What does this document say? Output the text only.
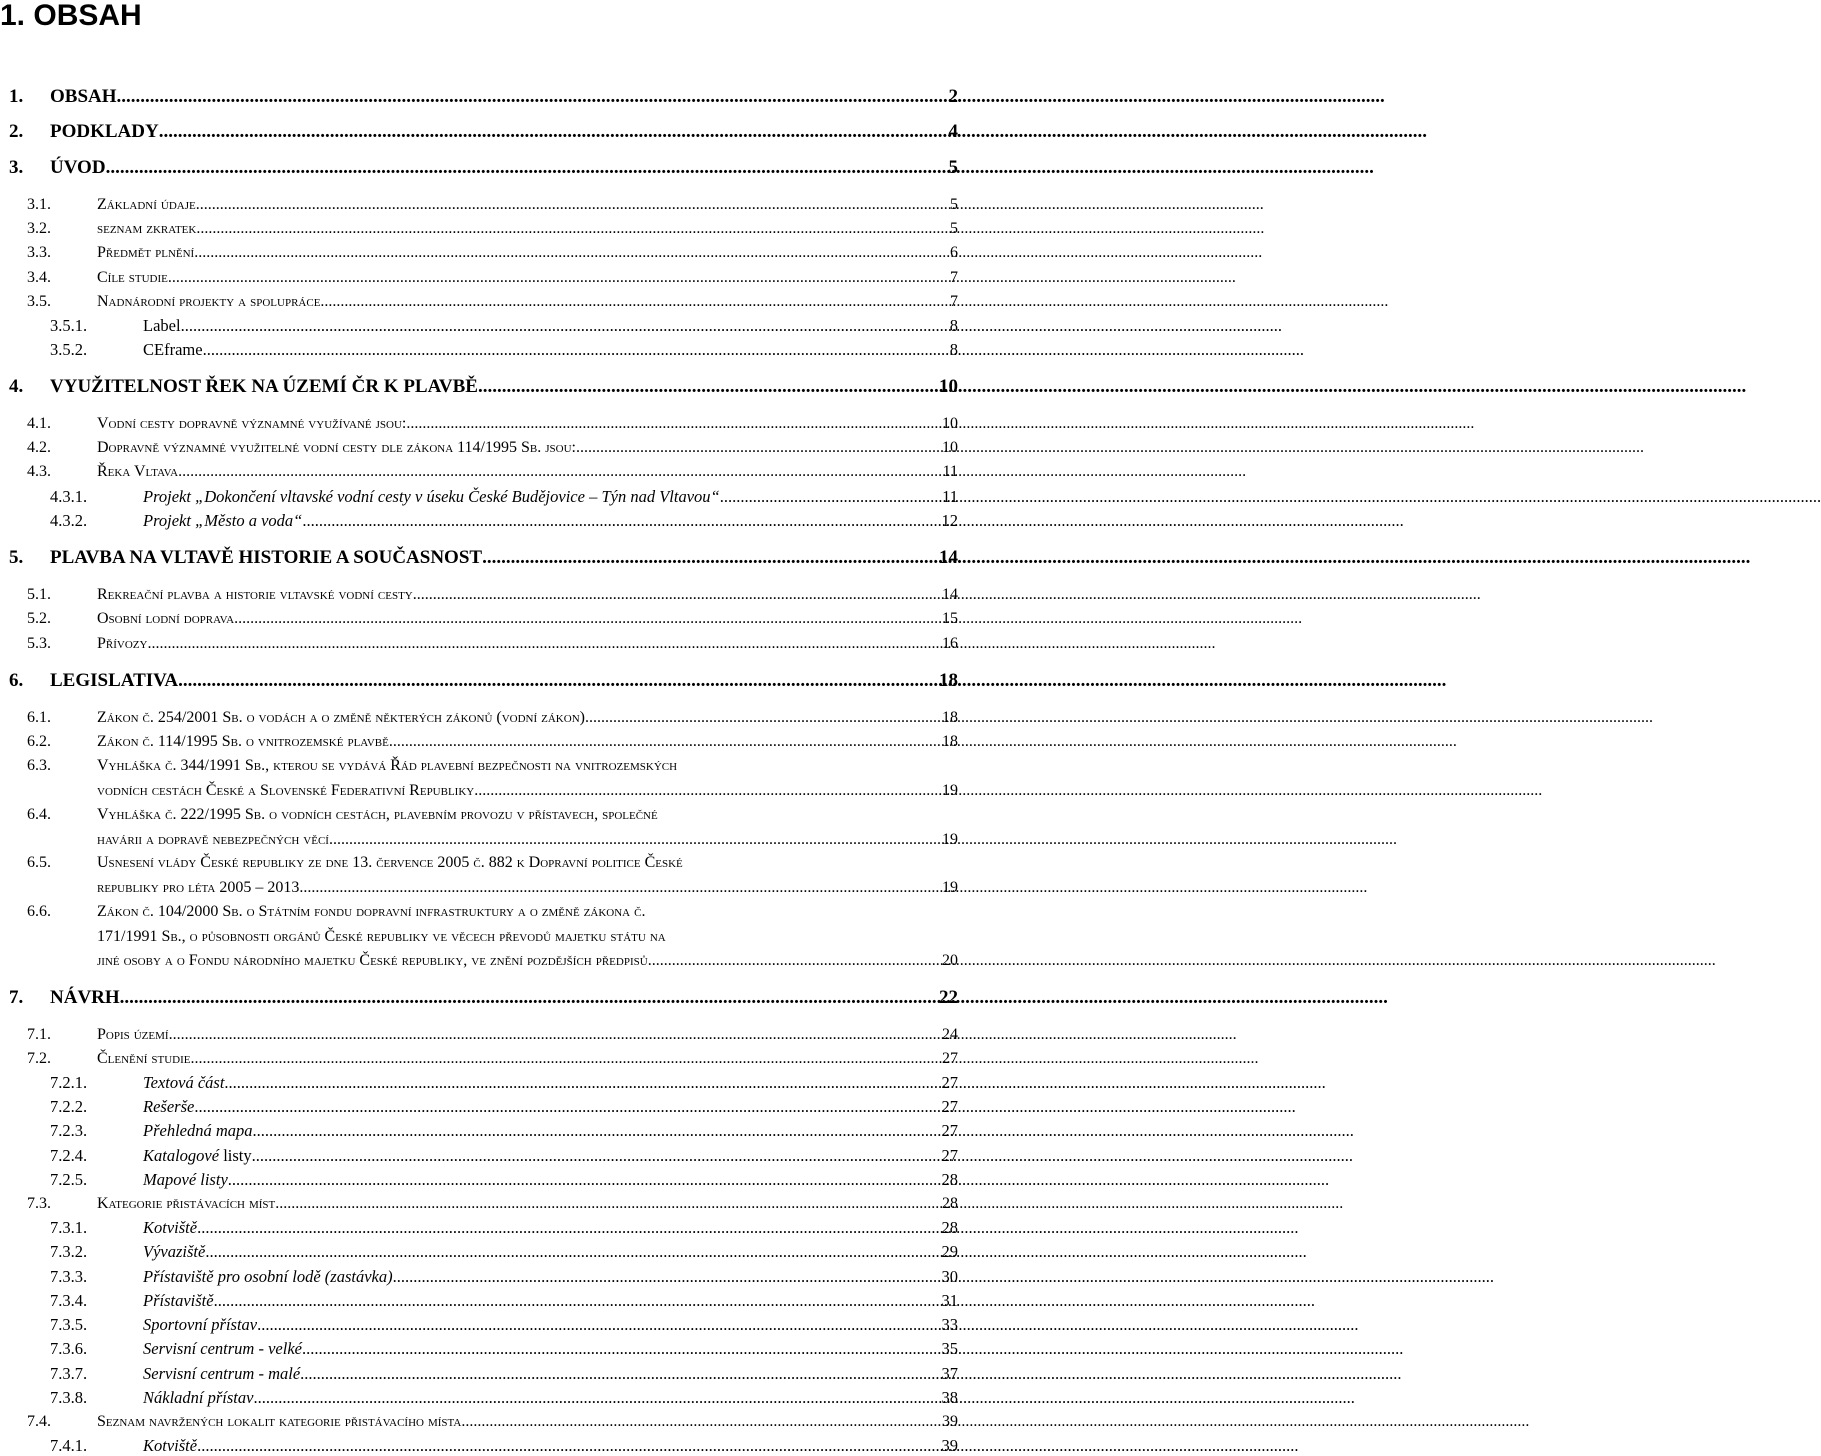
1. OBSAH
1. OBSAH .....	2
2. PODKLADY .....	4
3. ÚVOD .....	5
3.1.	Základní údaje .....	5
3.2.	seznam zkratek .....	5
3.3.	Předmět plnění .....	6
3.4.	Cíle studie .....	7
3.5.	Nadnárodní projekty a spolupráce .....	7
3.5.1.	Label .....	8
3.5.2.	CEframe .....	8
4. VYUŽITELNOST ŘEK NA ÚZEMÍ ČR K PLAVBĚ .....	10
4.1.	Vodní cesty dopravně významné využívané jsou: .....	10
4.2.	Dopravně významné využitelné vodní cesty dle zákona 114/1995 Sb. jsou: .....	10
4.3.	Řeka Vltava .....	11
4.3.1.	Projekt „Dokončení vltavské vodní cesty v úseku České Budějovice – Týn nad Vltavou“ .....	11
4.3.2.	Projekt „Město a voda“ .....	12
5. PLAVBA NA VLTAVĚ HISTORIE A SOUČASNOST .....	14
5.1.	Rekreační plavba a historie vltavské vodní cesty .....	14
5.2.	Osobní lodní doprava .....	15
5.3.	Přívozy .....	16
6. LEGISLATIVA .....	18
6.1.	Zákon č. 254/2001 Sb. o vodách a o změně některých zákonů (vodní zákon) .....	18
6.2.	Zákon č. 114/1995 Sb. o vnitrozemské plavbě .....	18
6.3.	Vyhláška č. 344/1991 Sb., kterou se vydává Řád plavební bezpečnosti na vnitrozemských
vodních cestách České a Slovenské Federativní Republiky .....	19
6.4.	Vyhláška č. 222/1995 Sb. o vodních cestách, plavebním provozu v přístavech, společné
havárii a dopravě nebezpečných věcí .....	19
6.5.	Usnesení vlády České republiky ze dne 13. července 2005 č. 882 k Dopravní politice České
republiky pro léta 2005 – 2013 .....	19
6.6.	Zákon č. 104/2000 Sb. o Státním fondu dopravní infrastruktury a o změně zákona č.
171/1991 Sb., o působnosti orgánů České republiky ve věcech převodů majetku státu na
jiné osoby a o Fondu národního majetku České republiky, ve znění pozdějších předpisů .....	20
7. NÁVRH .....	22
7.1.	Popis území .....	24
7.2.	Členění studie .....	27
7.2.1.	Textová část .....	27
7.2.2.	Rešerše .....	27
7.2.3.	Přehledná mapa .....	27
7.2.4.	Katalogové listy .....	27
7.2.5.	Mapové listy .....	28
7.3.	Kategorie přistávacích míst .....	28
7.3.1.	Kotviště .....	28
7.3.2.	Vývaziště .....	29
7.3.3.	Přístaviště pro osobní lodě (zastávka) .....	30
7.3.4.	Přístaviště .....	31
7.3.5.	Sportovní přístav .....	33
7.3.6.	Servisní centrum - velké .....	35
7.3.7.	Servisní centrum - malé .....	37
7.3.8.	Nákladní přístav .....	38
7.4.	Seznam navržených lokalit kategorie přistávacího místa .....	39
7.4.1.	Kotviště .....	39
